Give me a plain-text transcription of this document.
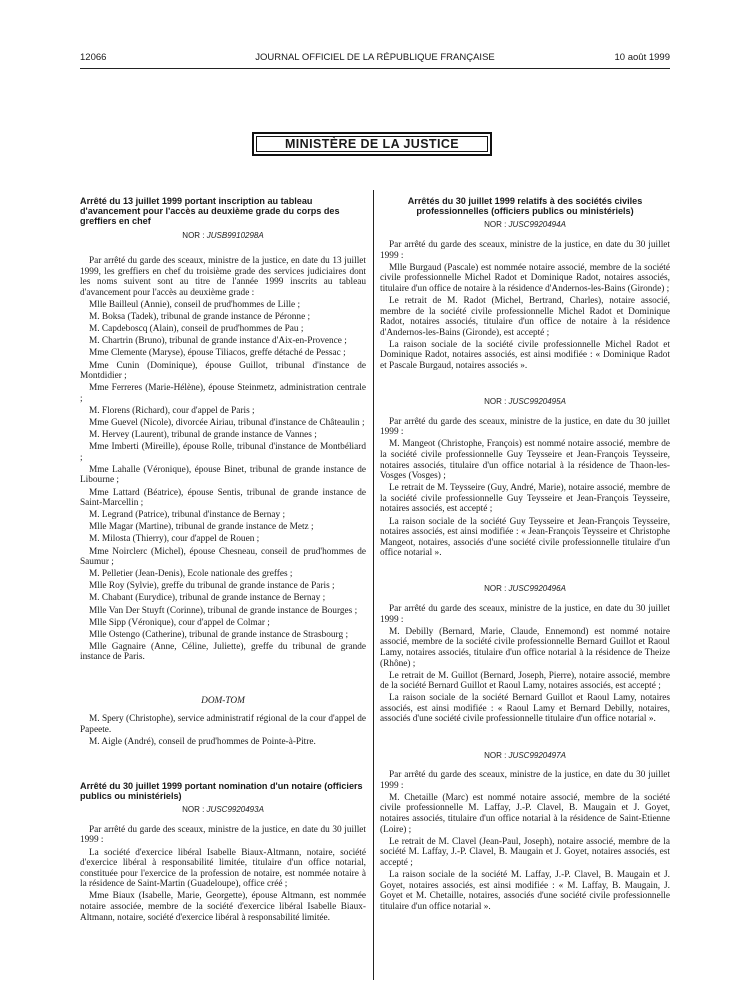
12066	JOURNAL OFFICIEL DE LA RÉPUBLIQUE FRANÇAISE	10 août 1999
MINISTÈRE DE LA JUSTICE
Arrêté du 13 juillet 1999 portant inscription au tableau d'avancement pour l'accès au deuxième grade du corps des greffiers en chef
NOR : JUSB9910298A

Par arrêté du garde des sceaux, ministre de la justice, en date du 13 juillet 1999, les greffiers en chef du troisième grade des services judiciaires dont les noms suivent sont au titre de l'année 1999 inscrits au tableau d'avancement pour l'accès au deuxième grade :

Mlle Bailleul (Annie), conseil de prud'hommes de Lille ;

M. Boksa (Tadek), tribunal de grande instance de Péronne ;

M. Capdeboscq (Alain), conseil de prud'hommes de Pau ;

M. Chartrin (Bruno), tribunal de grande instance d'Aix-en-Provence ;

Mme Clemente (Maryse), épouse Tiliacos, greffe détaché de Pessac ;

Mme Cunin (Dominique), épouse Guillot, tribunal d'instance de Montdidier ;

Mme Ferreres (Marie-Hélène), épouse Steinmetz, administration centrale ;

M. Florens (Richard), cour d'appel de Paris ;

Mme Guevel (Nicole), divorcée Airiau, tribunal d'instance de Châteaulin ;

M. Hervey (Laurent), tribunal de grande instance de Vannes ;

Mme Imberti (Mireille), épouse Rolle, tribunal d'instance de Montbéliard ;

Mme Lahalle (Véronique), épouse Binet, tribunal de grande instance de Libourne ;

Mme Lattard (Béatrice), épouse Sentis, tribunal de grande instance de Saint-Marcellin ;

M. Legrand (Patrice), tribunal d'instance de Bernay ;

Mlle Magar (Martine), tribunal de grande instance de Metz ;

M. Milosta (Thierry), cour d'appel de Rouen ;

Mme Noirclerc (Michel), épouse Chesneau, conseil de prud'hommes de Saumur ;

M. Pelletier (Jean-Denis), Ecole nationale des greffes ;

Mlle Roy (Sylvie), greffe du tribunal de grande instance de Paris ;

M. Chabant (Eurydice), tribunal de grande instance de Bernay ;

Mlle Van Der Stuyft (Corinne), tribunal de grande instance de Bourges ;

Mlle Sipp (Véronique), cour d'appel de Colmar ;

Mlle Ostengo (Catherine), tribunal de grande instance de Strasbourg ;

Mlle Gagnaire (Anne, Céline, Juliette), greffe du tribunal de grande instance de Paris.

DOM-TOM

M. Spery (Christophe), service administratif régional de la cour d'appel de Papeete.

M. Aigle (André), conseil de prud'hommes de Pointe-à-Pitre.

Arrêté du 30 juillet 1999 portant nomination d'un notaire (officiers publics ou ministériels)
NOR : JUSC9920493A

Par arrêté du garde des sceaux, ministre de la justice, en date du 30 juillet 1999 :

La société d'exercice libéral Isabelle Biaux-Altmann, notaire, société d'exercice libéral à responsabilité limitée, titulaire d'un office notarial, constituée pour l'exercice de la profession de notaire, est nommée notaire à la résidence de Saint-Martin (Guadeloupe), office créé ;

Mme Biaux (Isabelle, Marie, Georgette), épouse Altmann, est nommée notaire associée, membre de la société d'exercice libéral Isabelle Biaux-Altmann, notaire, société d'exercice libéral à responsabilité limitée.

Arrêtés du 30 juillet 1999 relatifs à des sociétés civiles professionnelles (officiers publics ou ministériels)
NOR : JUSC9920494A

Par arrêté du garde des sceaux, ministre de la justice, en date du 30 juillet 1999 :

Mlle Burgaud (Pascale) est nommée notaire associé, membre de la société civile professionnelle Michel Radot et Dominique Radot, notaires associés, titulaire d'un office de notaire à la résidence d'Andernos-les-Bains (Gironde) ;

Le retrait de M. Radot (Michel, Bertrand, Charles), notaire associé, membre de la société civile professionnelle Michel Radot et Dominique Radot, notaires associés, titulaire d'un office de notaire à la résidence d'Andernos-les-Bains (Gironde), est accepté ;

La raison sociale de la société civile professionnelle Michel Radot et Dominique Radot, notaires associés, est ainsi modifiée : « Dominique Radot et Pascale Burgaud, notaires associés ».

NOR : JUSC9920495A

Par arrêté du garde des sceaux, ministre de la justice, en date du 30 juillet 1999 :

M. Mangeot (Christophe, François) est nommé notaire associé, membre de la société civile professionnelle Guy Teysseire et Jean-François Teysseire, notaires associés, titulaire d'un office notarial à la résidence de Thaon-les-Vosges (Vosges) ;

Le retrait de M. Teysseire (Guy, André, Marie), notaire associé, membre de la société civile professionnelle Guy Teysseire et Jean-François Teysseire, notaires associés, est accepté ;

La raison sociale de la société Guy Teysseire et Jean-François Teysseire, notaires associés, est ainsi modifiée : « Jean-François Teysseire et Christophe Mangeot, notaires, associés d'une société civile professionnelle titulaire d'un office notarial ».

NOR : JUSC9920496A

Par arrêté du garde des sceaux, ministre de la justice, en date du 30 juillet 1999 :

M. Debilly (Bernard, Marie, Claude, Ennemond) est nommé notaire associé, membre de la société civile professionnelle Bernard Guillot et Raoul Lamy, notaires associés, titulaire d'un office notarial à la résidence de Theize (Rhône) ;

Le retrait de M. Guillot (Bernard, Joseph, Pierre), notaire associé, membre de la société Bernard Guillot et Raoul Lamy, notaires associés, est accepté ;

La raison sociale de la société Bernard Guillot et Raoul Lamy, notaires associés, est ainsi modifiée : « Raoul Lamy et Bernard Debilly, notaires, associés d'une société civile professionnelle titulaire d'un office notarial ».

NOR : JUSC9920497A

Par arrêté du garde des sceaux, ministre de la justice, en date du 30 juillet 1999 :

M. Chetaille (Marc) est nommé notaire associé, membre de la société civile professionnelle M. Laffay, J.-P. Clavel, B. Maugain et J. Goyet, notaires associés, titulaire d'un office notarial à la résidence de Saint-Etienne (Loire) ;

Le retrait de M. Clavel (Jean-Paul, Joseph), notaire associé, membre de la société M. Laffay, J.-P. Clavel, B. Maugain et J. Goyet, notaires associés, est accepté ;

La raison sociale de la société M. Laffay, J.-P. Clavel, B. Maugain et J. Goyet, notaires associés, est ainsi modifiée : « M. Laffay, B. Maugain, J. Goyet et M. Chetaille, notaires, associés d'une société civile professionnelle titulaire d'un office notarial ».
